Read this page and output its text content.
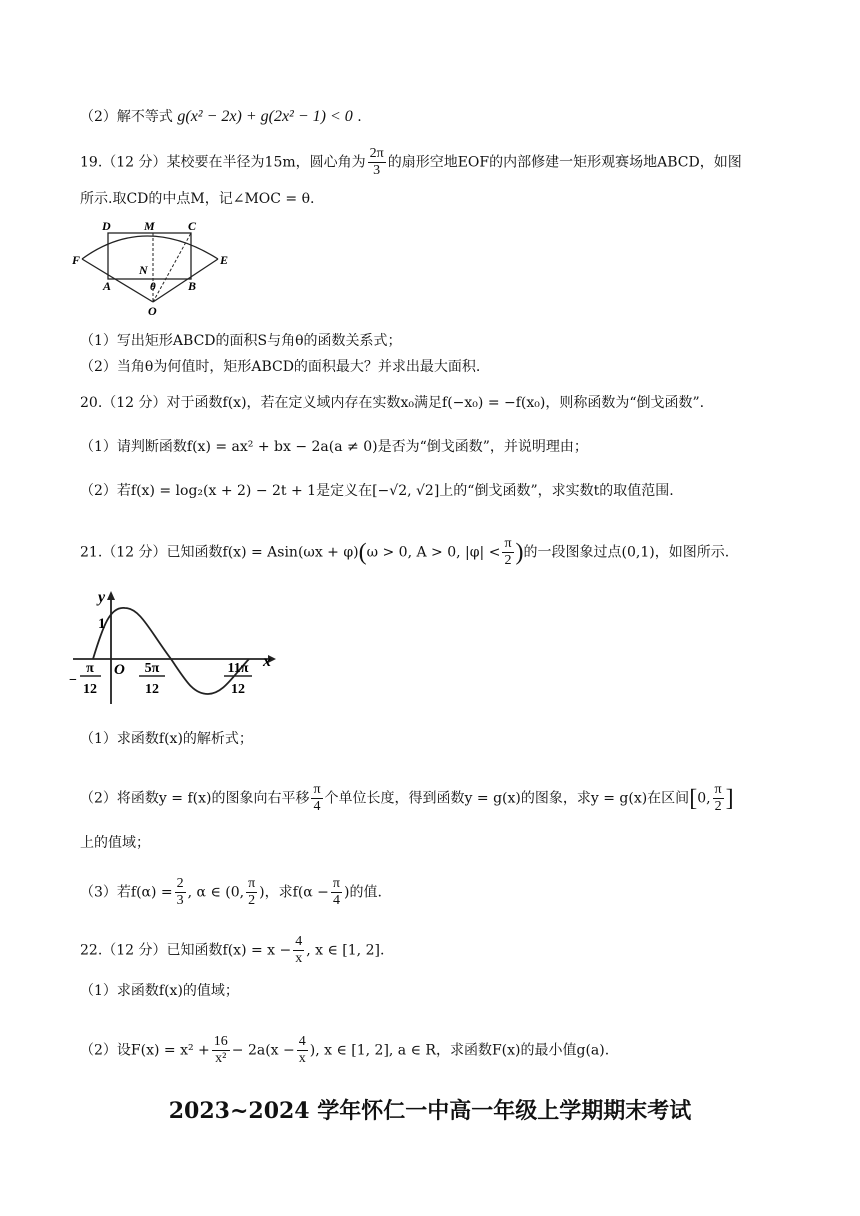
（2）解不等式 g(x² − 2x) + g(2x² − 1) < 0 .
19.（12 分）某校要在半径为15m，圆心角为 $\frac{2\pi}{3}$ 的扇形空地EOF的内部修建一矩形观赛场地ABCD，如图
所示.取CD的中点M，记∠MOC = θ.
D	M	C
F	E
N
A	θ	B
O
（1）写出矩形ABCD的面积S与角θ的函数关系式；
（2）当角θ为何值时，矩形ABCD的面积最大？并求出最大面积.
20.（12 分）对于函数f(x)，若在定义域内存在实数x₀满足f(−x₀) = −f(x₀)，则称函数为“倒戈函数”.
（1）请判断函数f(x) = ax² + bx − 2a(a ≠ 0)是否为“倒戈函数”，并说明理由；
（2）若f(x) = log₂(x + 2) − 2t + 1是定义在[−√2, √2]上的“倒戈函数”，求实数t的取值范围.
21.（12 分）已知函数f(x) = Asin(ωx + φ)(ω > 0, A > 0, $|\varphi| < \frac{\pi}{2}$ )的一段图象过点(0,1)，如图所示.
y
x
1
O
−
π
12
5π
12
11π
12
（1）求函数f(x)的解析式；
（2）将函数y = f(x)的图象向右平移 $\frac{\pi}{4}$ 个单位长度，得到函数y = g(x)的图象，求y = g(x)在区间[0, $\frac{\pi}{2}$ ]
上的值域；
（3）若$f(\alpha) = \frac{2}{3}$ , α ∈ (0, $\frac{\pi}{2}$ )，求$f(\alpha - \frac{\pi}{4}$ )的值.
22.（12 分）已知函数$f(x) = x - \frac{4}{x}$ , x ∈ [1, 2].
（1）求函数f(x)的值域；
（2）设$F(x) = x^2 + \frac{16}{\text{x²}} - 2a(x - \frac{4}{x}$ ), x ∈ [1, 2], a ∈ R，求函数F(x)的最小值g(a).
2023~2024 学年怀仁一中高一年级上学期期末考试
